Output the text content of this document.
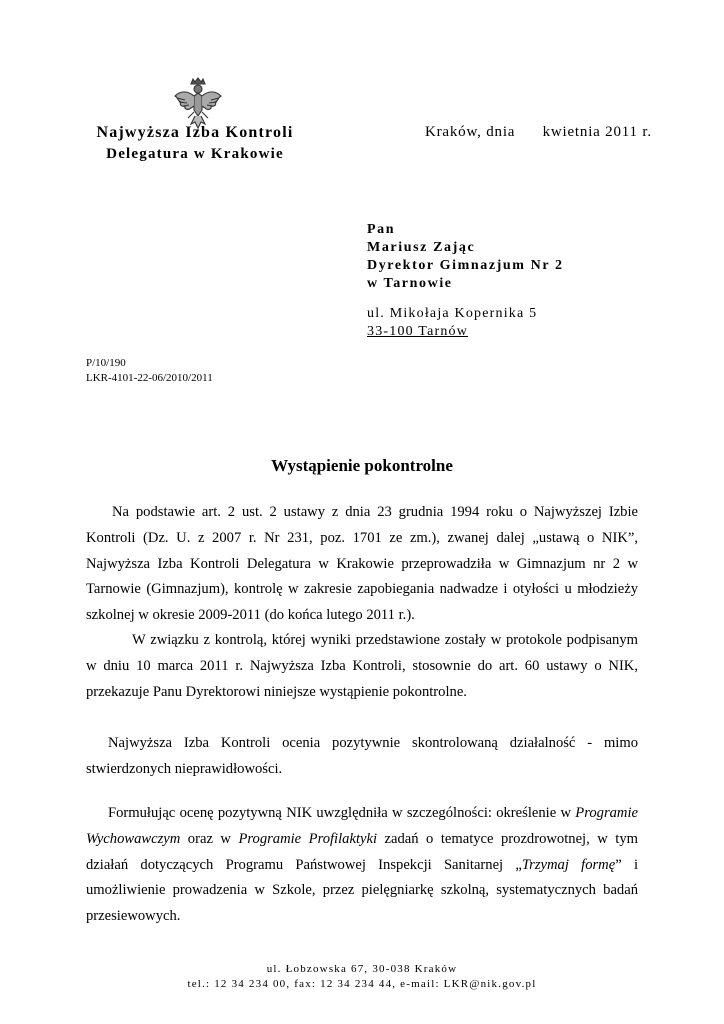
Najwyższa Izba Kontroli
Delegatura w Krakowie
Kraków, dnia      kwietnia 2011 r.
Pan
Mariusz Zając
Dyrektor Gimnazjum Nr 2
w Tarnowie
ul. Mikołaja Kopernika 5
33-100 Tarnów
P/10/190
LKR-4101-22-06/2010/2011
Wystąpienie pokontrolne

Na podstawie art. 2 ust. 2 ustawy z dnia 23 grudnia 1994 roku o Najwyższej Izbie Kontroli (Dz. U. z 2007 r. Nr 231, poz. 1701 ze zm.), zwanej dalej „ustawą o NIK”, Najwyższa Izba Kontroli Delegatura w Krakowie przeprowadziła w Gimnazjum nr 2 w Tarnowie (Gimnazjum), kontrolę w zakresie zapobiegania nadwadze i otyłości u młodzieży szkolnej w okresie 2009-2011 (do końca lutego 2011 r.).

W związku z kontrolą, której wyniki przedstawione zostały w protokole podpisanym w dniu 10 marca 2011 r. Najwyższa Izba Kontroli, stosownie do art. 60 ustawy o NIK, przekazuje Panu Dyrektorowi niniejsze wystąpienie pokontrolne.

Najwyższa Izba Kontroli ocenia pozytywnie skontrolowaną działalność - mimo stwierdzonych nieprawidłowości.

Formułując ocenę pozytywną NIK uwzględniła w szczególności: określenie w Programie Wychowawczym oraz w Programie Profilaktyki zadań o tematyce prozdrowotnej, w tym działań dotyczących Programu Państwowej Inspekcji Sanitarnej „Trzymaj formę” i umożliwienie prowadzenia w Szkole, przez pielęgniarkę szkolną, systematycznych badań przesiewowych.

ul. Łobzowska 67, 30-038 Kraków
tel.: 12 34 234 00, fax: 12 34 234 44, e-mail: LKR@nik.gov.pl
